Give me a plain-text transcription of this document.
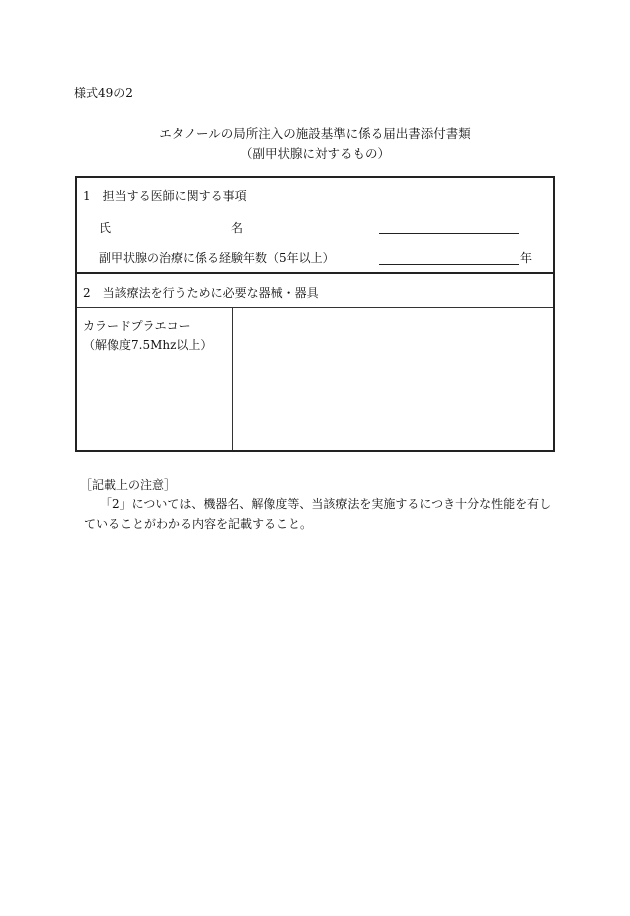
様式49の2
エタノールの局所注入の施設基準に係る届出書添付書類
（副甲状腺に対するもの）
1　担当する医師に関する事項
氏	名
副甲状腺の治療に係る経験年数（5年以上）	年
2　当該療法を行うために必要な器械・器具
カラードプラエコー
（解像度7.5Mhz以上）
［記載上の注意］
「2」については、機器名、解像度等、当該療法を実施するにつき十分な性能を有していることがわかる内容を記載すること。
